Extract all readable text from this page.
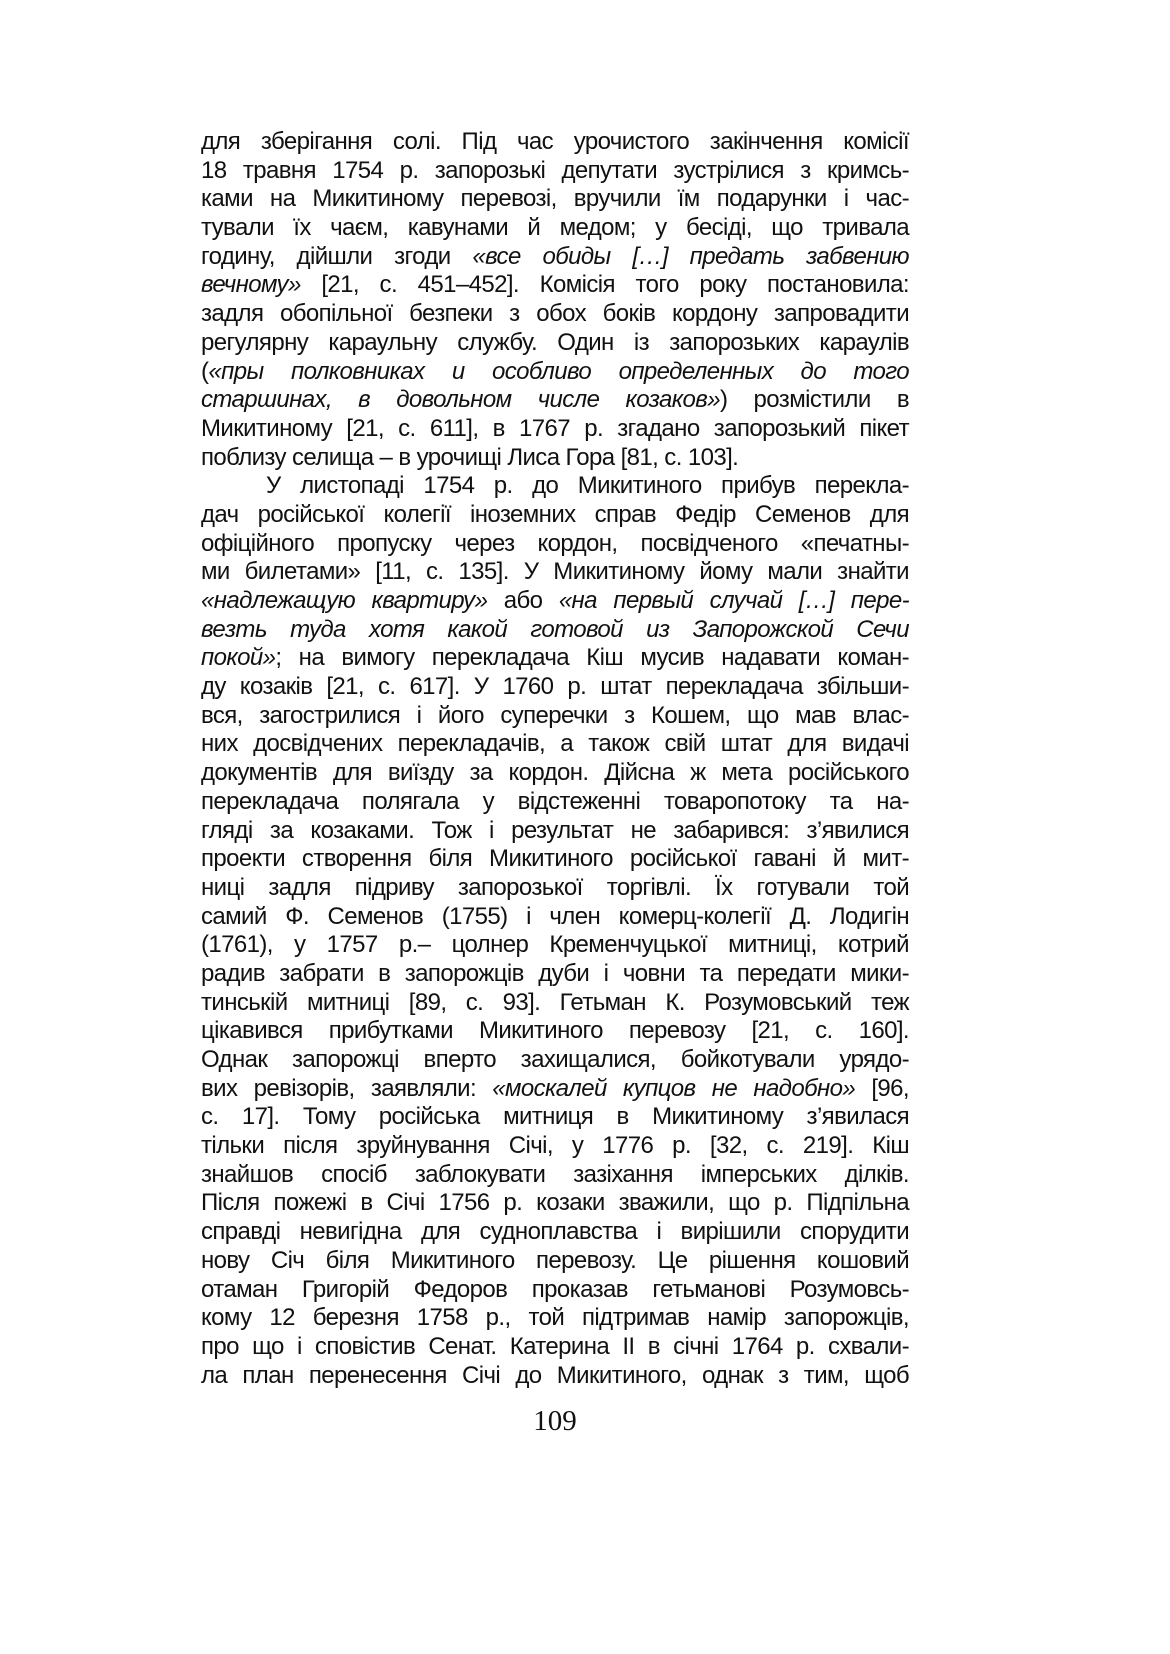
для зберігання солі. Під час урочистого закінчення комісії
18 травня 1754 р. запорозькі депутати зустрілися з кримсь-
ками на Микитиному перевозі, вручили їм подарунки і час-
тували їх чаєм, кавунами й медом; у бесіді, що тривала
годину, дійшли згоди «все обиды […] предать забвению
вечному» [21, с. 451–452]. Комісія того року постановила:
задля обопільної безпеки з обох боків кордону запровадити
регулярну караульну службу. Один із запорозьких караулів
(«пры полковниках и особливо определенных до того
старшинах, в довольном числе козаков») розмістили в
Микитиному [21, с. 611], в 1767 р. згадано запорозький пікет
поблизу селища – в урочищі Лиса Гора [81, с. 103].
У листопаді 1754 р. до Микитиного прибув перекла-
дач російської колегії іноземних справ Федір Семенов для
офіційного пропуску через кордон, посвідченого «печатны-
ми билетами» [11, с. 135]. У Микитиному йому мали знайти
«надлежащую квартиру» або «на первый случай […] пере-
везть туда хотя какой готовой из Запорожской Сечи
покой»; на вимогу перекладача Кіш мусив надавати коман-
ду козаків [21, с. 617]. У 1760 р. штат перекладача збільши-
вся, загострилися і його суперечки з Кошем, що мав влас-
них досвідчених перекладачів, а також свій штат для видачі
документів для виїзду за кордон. Дійсна ж мета російського
перекладача полягала у відстеженні товаропотоку та на-
гляді за козаками. Тож і результат не забарився: з’явилися
проекти створення біля Микитиного російської гавані й мит-
ниці задля підриву запорозької торгівлі. Їх готували той
самий Ф. Семенов (1755) і член комерц-колегії Д. Лодигін
(1761), у 1757 р.– цолнер Кременчуцької митниці, котрий
радив забрати в запорожців дуби і човни та передати мики-
тинській митниці [89, с. 93]. Гетьман К. Розумовський теж
цікавився прибутками Микитиного перевозу [21, с. 160].
Однак запорожці вперто захищалися, бойкотували урядо-
вих ревізорів, заявляли: «москалей купцов не надобно» [96,
с. 17]. Тому російська митниця в Микитиному з’явилася
тільки після зруйнування Січі, у 1776 р. [32, с. 219]. Кіш
знайшов спосіб заблокувати зазіхання імперських ділків.
Після пожежі в Січі 1756 р. козаки зважили, що р. Підпільна
справді невигідна для судноплавства і вирішили спорудити
нову Січ біля Микитиного перевозу. Це рішення кошовий
отаман Григорій Федоров проказав гетьманові Розумовсь-
кому 12 березня 1758 р., той підтримав намір запорожців,
про що і сповістив Сенат. Катерина II в січні 1764 р. схвали-
ла план перенесення Січі до Микитиного, однак з тим, щоб
109
